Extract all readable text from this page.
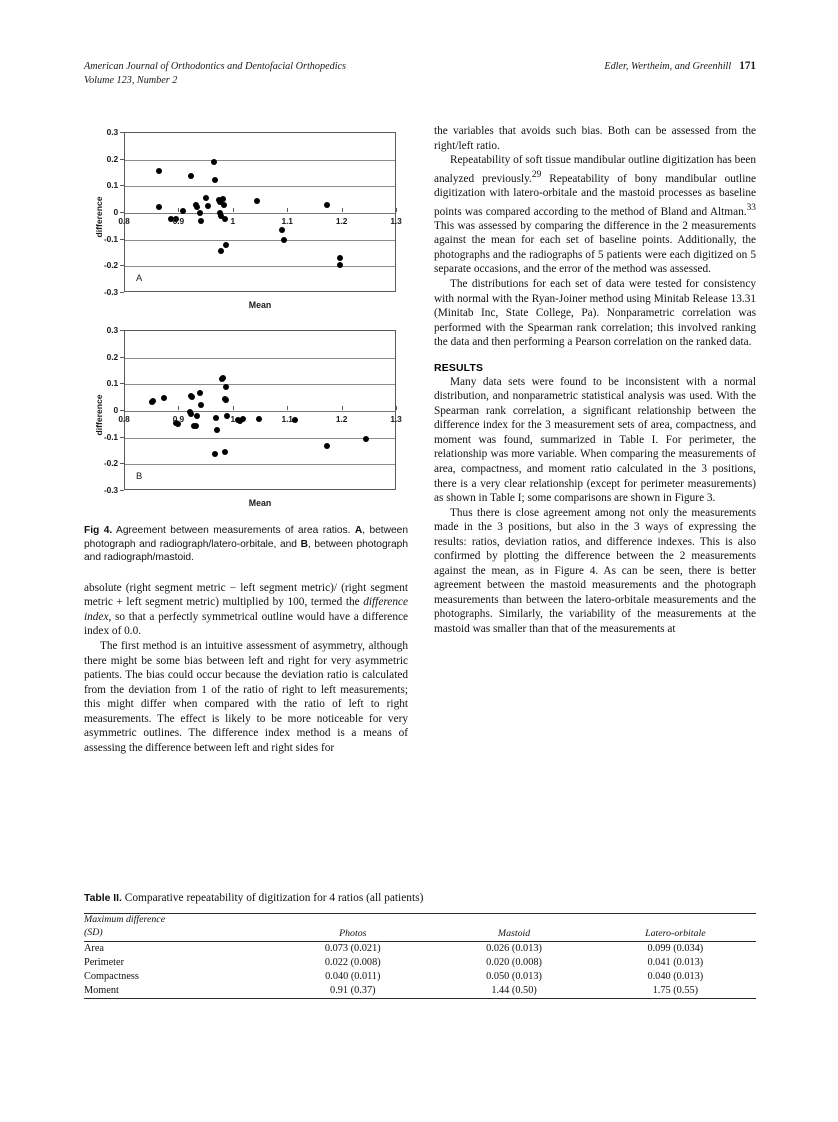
American Journal of Orthodontics and Dentofacial Orthopedics
Volume 123, Number 2
Edler, Wertheim, and Greenhill 171
difference
Mean
A
-0.3
-0.2
-0.1
0
0.1
0.2
0.3
0.8	0.9	1	1.1	1.2	1.3
difference
Mean
B
-0.3
-0.2
-0.1
0
0.1
0.2
0.3
0.8	0.9	1	1.1	1.2	1.3
Fig 4. Agreement between measurements of area ratios. A, between photograph and radiograph/latero-orbitale, and B, between photograph and radiograph/mastoid.

absolute (right segment metric − left segment metric)/ (right segment metric + left segment metric) multiplied by 100, termed the difference index, so that a perfectly symmetrical outline would have a difference index of 0.0.

The first method is an intuitive assessment of asymmetry, although there might be some bias between left and right for very asymmetric patients. The bias could occur because the deviation ratio is calculated from the deviation from 1 of the ratio of right to left measurements; this might differ when compared with the ratio of left to right measurements. The effect is likely to be more noticeable for very asymmetric outlines. The difference index method is a means of assessing the difference between left and right sides for

the variables that avoids such bias. Both can be assessed from the right/left ratio.

Repeatability of soft tissue mandibular outline digitization has been analyzed previously.$^{29}$ Repeatability of bony mandibular outline digitization with latero-orbitale and the mastoid processes as baseline points was compared according to the method of Bland and Altman.$^{33}$ This was assessed by comparing the difference in the 2 measurements against the mean for each set of baseline points. Additionally, the photographs and the radiographs of 5 patients were each digitized on 5 separate occasions, and the error of the method was assessed.

The distributions for each set of data were tested for consistency with normal with the Ryan-Joiner method using Minitab Release 13.31 (Minitab Inc, State College, Pa). Nonparametric correlation was performed with the Spearman rank correlation; this involved ranking the data and then performing a Pearson correlation on the ranked data.

RESULTS

Many data sets were found to be inconsistent with a normal distribution, and nonparametric statistical analysis was used. With the Spearman rank correlation, a significant relationship between the difference index for the 3 measurement sets of area, compactness, and moment was found, summarized in Table I. For perimeter, the relationship was more variable. When comparing the measurements of area, compactness, and moment ratio calculated in the 3 positions, there is a very clear relationship (except for perimeter measurements) as shown in Table I; some comparisons are shown in Figure 3.

Thus there is close agreement among not only the measurements made in the 3 positions, but also in the 3 ways of expressing the results: ratios, deviation ratios, and difference indexes. This is also confirmed by plotting the difference between the 2 measurements against the mean, as in Figure 4. As can be seen, there is better agreement between the mastoid measurements and the photograph measurements than between the latero-orbitale measurements and the photographs. Similarly, the variability of the measurements at the mastoid was smaller than that of the measurements at

Table II. Comparative repeatability of digitization for 4 ratios (all patients)
Maximum difference
(SD)	Photos	Mastoid	Latero-orbitale
Area	0.073 (0.021)	0.026 (0.013)	0.099 (0.034)
Perimeter	0.022 (0.008)	0.020 (0.008)	0.041 (0.013)
Compactness	0.040 (0.011)	0.050 (0.013)	0.040 (0.013)
Moment	0.91 (0.37)	1.44 (0.50)	1.75 (0.55)
